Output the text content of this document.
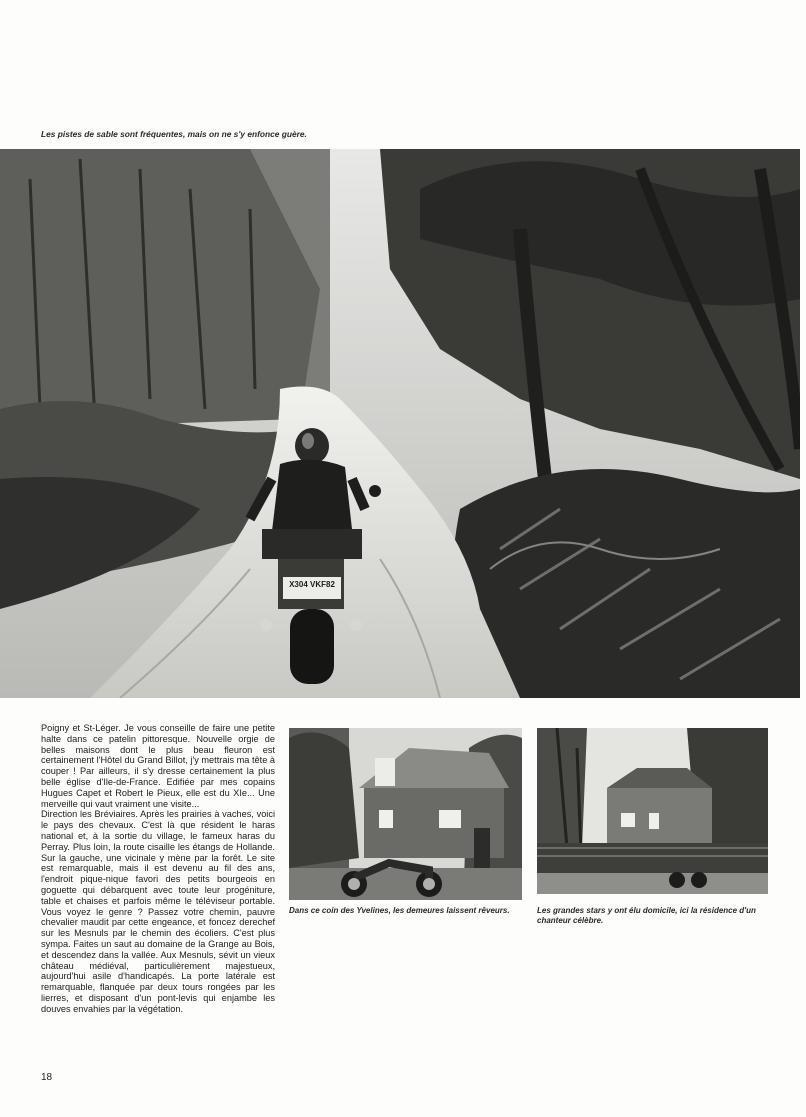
Les pistes de sable sont fréquentes, mais on ne s'y enfonce guère.
X304 VKF82

Poigny et St-Léger. Je vous conseille de faire une petite halte dans ce patelin pittoresque. Nouvelle orgie de belles maisons dont le plus beau fleuron est certainement l'Hôtel du Grand Billot, j'y mettrais ma tête à couper ! Par ailleurs, il s'y dresse certainement la plus belle église d'Ile-de-France. Edifiée par mes copains Hugues Capet et Robert le Pieux, elle est du XIe... Une merveille qui vaut vraiment une visite...

Direction les Bréviaires. Après les prairies à vaches, voici le pays des chevaux. C'est là que résident le haras national et, à la sortie du village, le fameux haras du Perray. Plus loin, la route cisaille les étangs de Hollande. Sur la gauche, une vicinale y mène par la forêt. Le site est remarquable, mais il est devenu au fil des ans, l'endroit pique-nique favori des petits bourgeois en goguette qui débarquent avec toute leur progéniture, table et chaises et parfois même le téléviseur portable. Vous voyez le genre ? Passez votre chemin, pauvre chevalier maudit par cette engeance, et foncez derechef sur les Mesnuls par le chemin des écoliers. C'est plus sympa. Faites un saut au domaine de la Grange au Bois, et descendez dans la vallée. Aux Mesnuls, sévit un vieux château médiéval, particulièrement majestueux, aujourd'hui asile d'handicapés. La porte latérale est remarquable, flanquée par deux tours rongées par les lierres, et disposant d'un pont-levis qui enjambe les douves envahies par la végétation.

Dans ce coin des Yvelines, les demeures laissent rêveurs.	Les grandes stars y ont élu domicile, ici la résidence d'un chanteur célèbre.
18
